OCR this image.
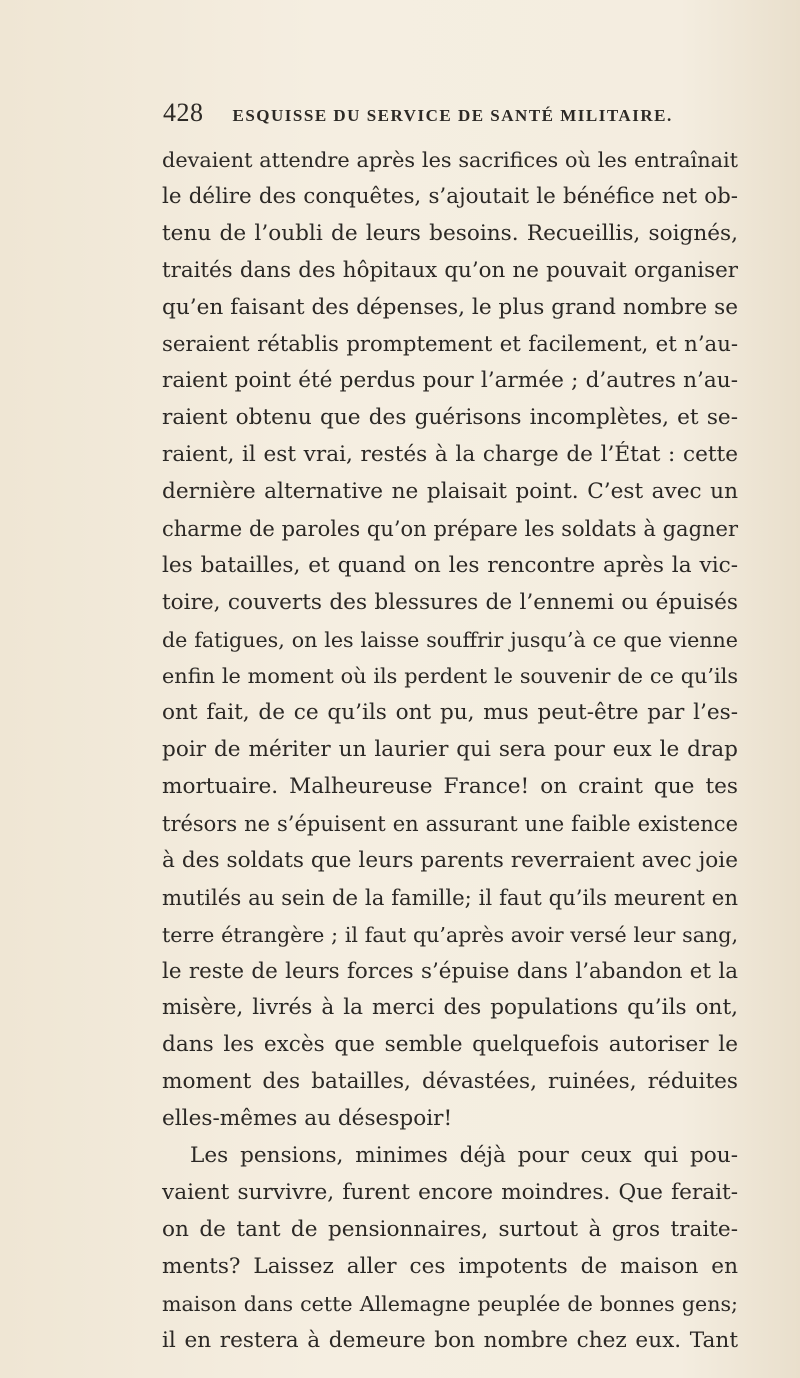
428 ESQUISSE DU SERVICE DE SANTÉ MILITAIRE.
devaient attendre après les sacrifices où les entraînait
le délire des conquêtes, s’ajoutait le bénéfice net ob-
tenu de l’oubli de leurs besoins. Recueillis, soignés,
traités dans des hôpitaux qu’on ne pouvait organiser
qu’en faisant des dépenses, le plus grand nombre se
seraient rétablis promptement et facilement, et n’au-
raient point été perdus pour l’armée ; d’autres n’au-
raient obtenu que des guérisons incomplètes, et se-
raient, il est vrai, restés à la charge de l’État : cette
dernière alternative ne plaisait point. C’est avec un
charme de paroles qu’on prépare les soldats à gagner
les batailles, et quand on les rencontre après la vic-
toire, couverts des blessures de l’ennemi ou épuisés
de fatigues, on les laisse souffrir jusqu’à ce que vienne
enfin le moment où ils perdent le souvenir de ce qu’ils
ont fait, de ce qu’ils ont pu, mus peut-être par l’es-
poir de mériter un laurier qui sera pour eux le drap
mortuaire. Malheureuse France! on craint que tes
trésors ne s’épuisent en assurant une faible existence
à des soldats que leurs parents reverraient avec joie
mutilés au sein de la famille; il faut qu’ils meurent en
terre étrangère ; il faut qu’après avoir versé leur sang,
le reste de leurs forces s’épuise dans l’abandon et la
misère, livrés à la merci des populations qu’ils ont,
dans les excès que semble quelquefois autoriser le
moment des batailles, dévastées, ruinées, réduites
elles-mêmes au désespoir!
Les pensions, minimes déjà pour ceux qui pou-
vaient survivre, furent encore moindres. Que ferait-
on de tant de pensionnaires, surtout à gros traite-
ments? Laissez aller ces impotents de maison en
maison dans cette Allemagne peuplée de bonnes gens;
il en restera à demeure bon nombre chez eux. Tant
